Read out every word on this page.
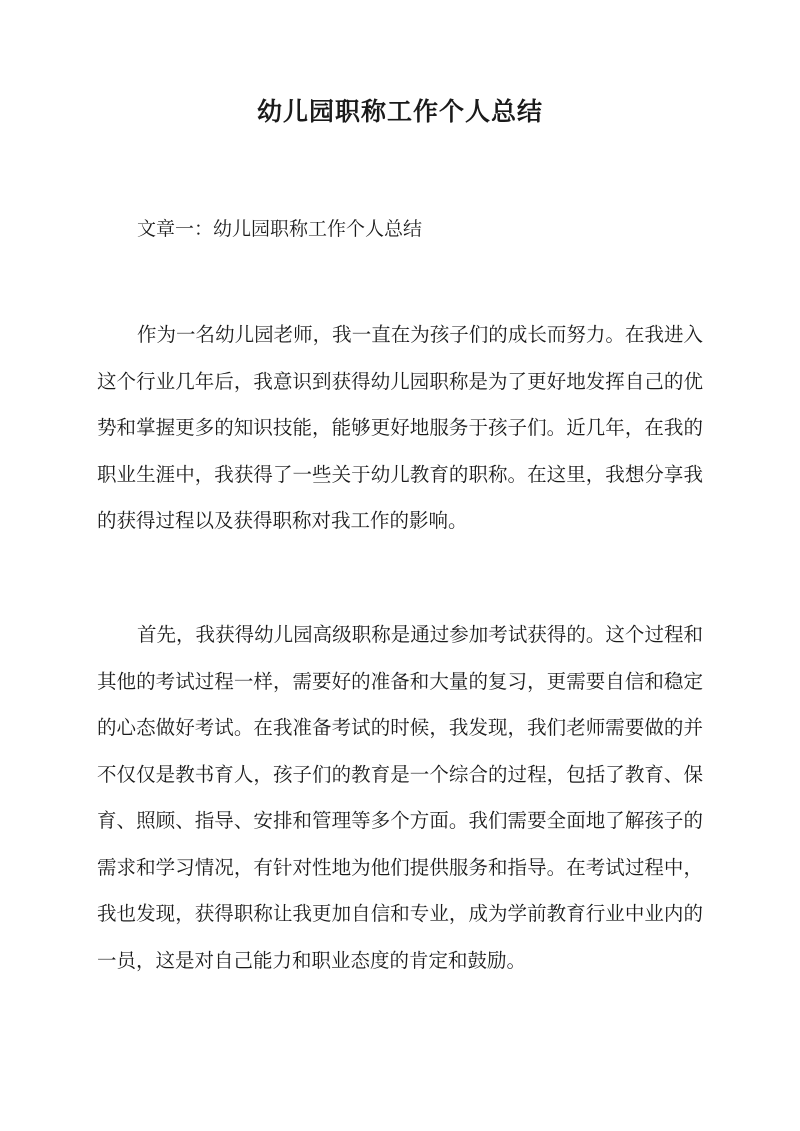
幼儿园职称工作个人总结

文章一：幼儿园职称工作个人总结

作为一名幼儿园老师，我一直在为孩子们的成长而努力。在我进入这个行业几年后，我意识到获得幼儿园职称是为了更好地发挥自己的优势和掌握更多的知识技能，能够更好地服务于孩子们。近几年，在我的职业生涯中，我获得了一些关于幼儿教育的职称。在这里，我想分享我的获得过程以及获得职称对我工作的影响。

首先，我获得幼儿园高级职称是通过参加考试获得的。这个过程和其他的考试过程一样，需要好的准备和大量的复习，更需要自信和稳定的心态做好考试。在我准备考试的时候，我发现，我们老师需要做的并不仅仅是教书育人，孩子们的教育是一个综合的过程，包括了教育、保育、照顾、指导、安排和管理等多个方面。我们需要全面地了解孩子的需求和学习情况，有针对性地为他们提供服务和指导。在考试过程中，我也发现，获得职称让我更加自信和专业，成为学前教育行业中业内的一员，这是对自己能力和职业态度的肯定和鼓励。
